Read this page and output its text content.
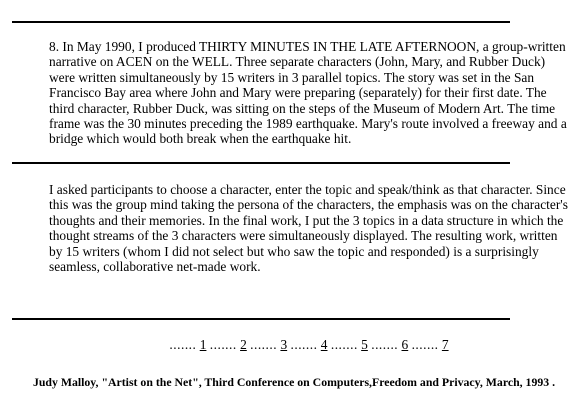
8. In May 1990, I produced THIRTY MINUTES IN THE LATE AFTERNOON, a group-written narrative on ACEN on the WELL. Three separate characters (John, Mary, and Rubber Duck) were written simultaneously by 15 writers in 3 parallel topics. The story was set in the San Francisco Bay area where John and Mary were preparing (separately) for their first date. The third character, Rubber Duck, was sitting on the steps of the Museum of Modern Art. The time frame was the 30 minutes preceding the 1989 earthquake. Mary's route involved a freeway and a bridge which would both break when the earthquake hit.

I asked participants to choose a character, enter the topic and speak/think as that character. Since this was the group mind taking the persona of the characters, the emphasis was on the character's thoughts and their memories. In the final work, I put the 3 topics in a data structure in which the thought streams of the 3 characters were simultaneously displayed. The resulting work, written by 15 writers (whom I did not select but who saw the topic and responded) is a surprisingly seamless, collaborative net-made work.

....... 1 ....... 2 ....... 3 ....... 4 ....... 5 ....... 6 ....... 7
Judy Malloy, "Artist on the Net", Third Conference on Computers,Freedom and Privacy, March, 1993 .
